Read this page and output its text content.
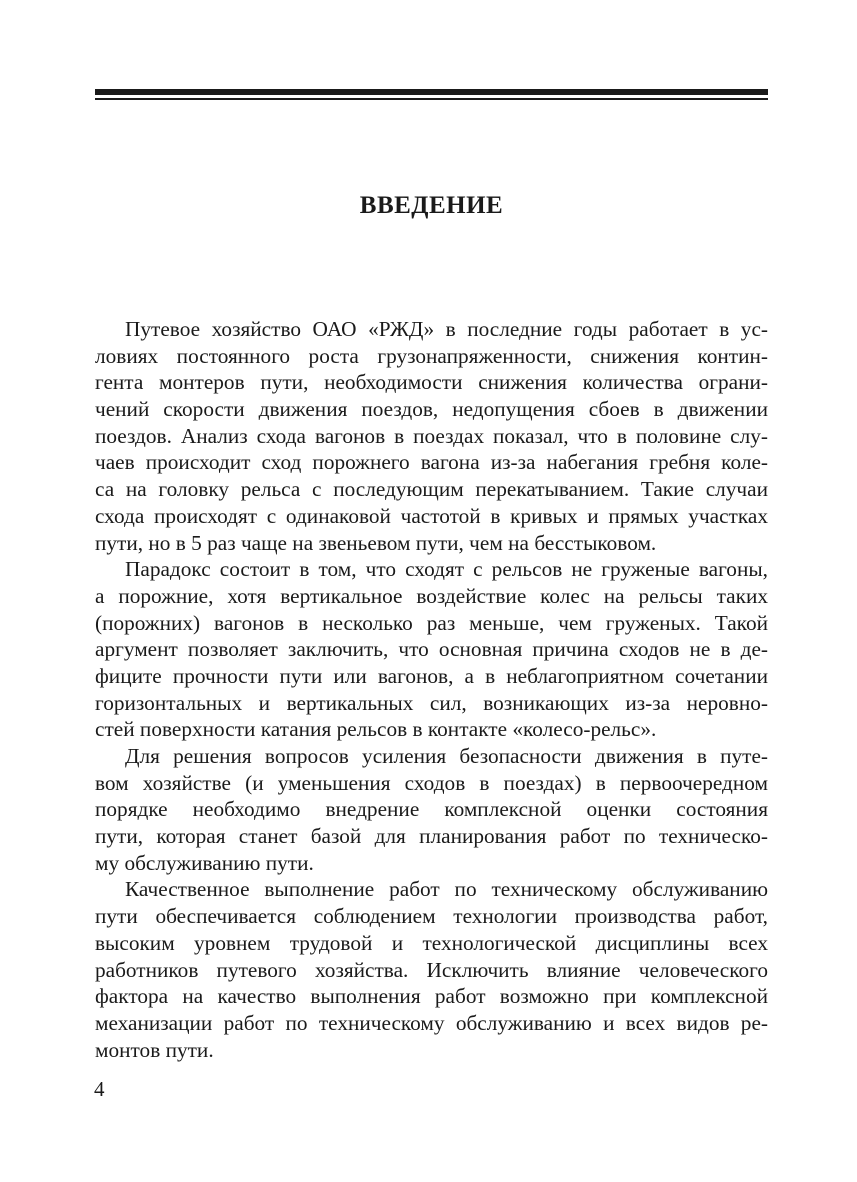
ВВЕДЕНИЕ
Путевое хозяйство ОАО «РЖД» в последние годы работает в ус-
ловиях постоянного роста грузонапряженности, снижения контин-
гента монтеров пути, необходимости снижения количества ограни-
чений скорости движения поездов, недопущения сбоев в движении
поездов. Анализ схода вагонов в поездах показал, что в половине слу-
чаев происходит сход порожнего вагона из-за набегания гребня коле-
са на головку рельса с последующим перекатыванием. Такие случаи
схода происходят с одинаковой частотой в кривых и прямых участках
пути, но в 5 раз чаще на звеньевом пути, чем на бесстыковом.
Парадокс состоит в том, что сходят с рельсов не груженые вагоны,
а порожние, хотя вертикальное воздействие колес на рельсы таких
(порожних) вагонов в несколько раз меньше, чем груженых. Такой
аргумент позволяет заключить, что основная причина сходов не в де-
фиците прочности пути или вагонов, а в неблагоприятном сочетании
горизонтальных и вертикальных сил, возникающих из-за неровно-
стей поверхности катания рельсов в контакте «колесо-рельс».
Для решения вопросов усиления безопасности движения в путе-
вом хозяйстве (и уменьшения сходов в поездах) в первоочередном
порядке необходимо внедрение комплексной оценки состояния
пути, которая станет базой для планирования работ по техническо-
му обслуживанию пути.
Качественное выполнение работ по техническому обслуживанию
пути обеспечивается соблюдением технологии производства работ,
высоким уровнем трудовой и технологической дисциплины всех
работников путевого хозяйства. Исключить влияние человеческого
фактора на качество выполнения работ возможно при комплексной
механизации работ по техническому обслуживанию и всех видов ре-
монтов пути.
4
